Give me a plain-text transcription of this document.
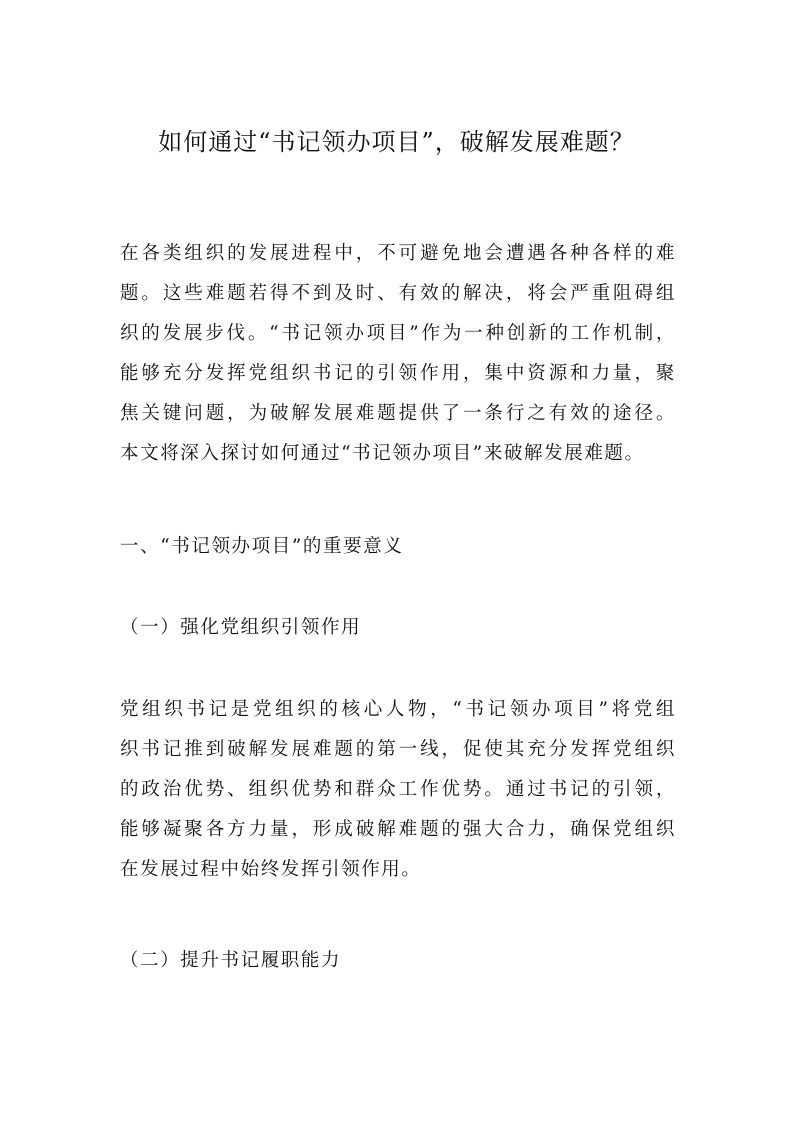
如何通过“书记领办项目”，破解发展难题？
在各类组织的发展进程中，不可避免地会遭遇各种各样的难
题。这些难题若得不到及时、有效的解决，将会严重阻碍组
织的发展步伐。“书记领办项目”作为一种创新的工作机制，
能够充分发挥党组织书记的引领作用，集中资源和力量，聚
焦关键问题，为破解发展难题提供了一条行之有效的途径。
本文将深入探讨如何通过“书记领办项目”来破解发展难题。
一、“书记领办项目”的重要意义
（一）强化党组织引领作用
党组织书记是党组织的核心人物，“书记领办项目”将党组
织书记推到破解发展难题的第一线，促使其充分发挥党组织
的政治优势、组织优势和群众工作优势。通过书记的引领，
能够凝聚各方力量，形成破解难题的强大合力，确保党组织
在发展过程中始终发挥引领作用。
（二）提升书记履职能力
